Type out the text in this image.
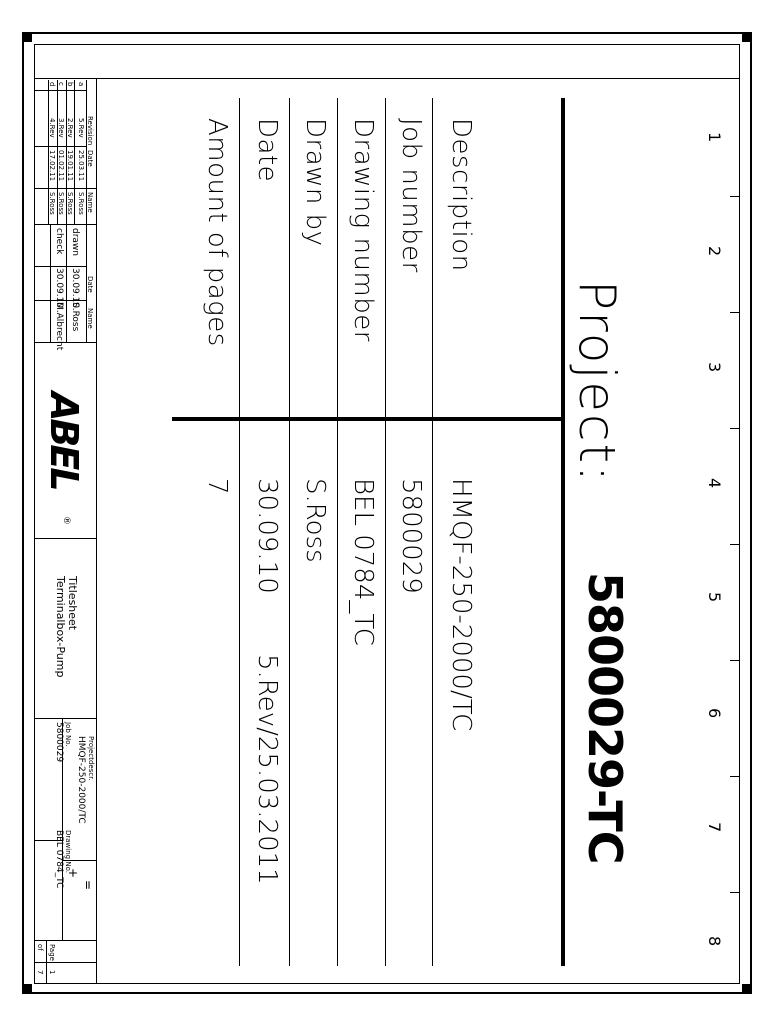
1
2
3
4
5
6
7
8
Project:
5800029-TC
Description
Job number
Drawing number
Drawn by
Date
Amount of pages
HMQF-250-2000/TC
5800029
BEL 0784_TC
S.Ross
30.09.10
5.Rev/25.03.2011
7
Revision
Date
Name
a
5.Rev
25.03.11
S.Ross
b
2.Rev
19.01.11
S.Ross
c
3.Rev
01.02.11
S.Ross
d
4.Rev
17.02.11
S.Ross
Date
Name
drawn
30.09.10
S.Ross
check
30.09.10
M.Albrecht
ABEL
®
Titlesheet
Terminalbox-Pump
Projectdescr.
HMQF-250-2000/TC
Job No.
5800029
Drawing No.
BEL 0784_TC +
=
Page
of
1
7
